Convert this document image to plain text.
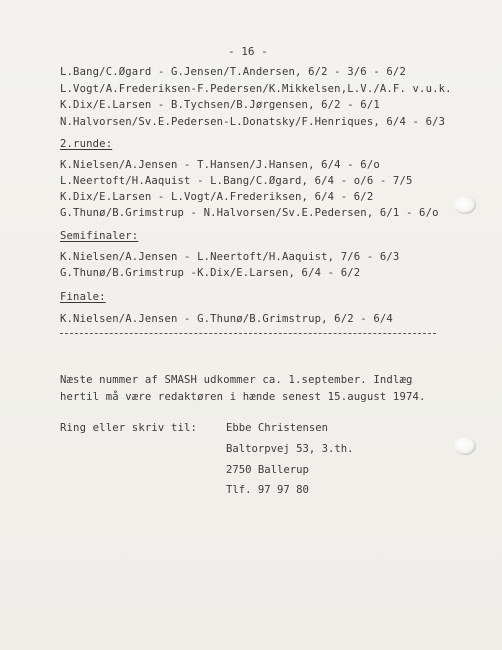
- 16 -
L.Bang/C.Øgard - G.Jensen/T.Andersen, 6/2 - 3/6 - 6/2
L.Vogt/A.Frederiksen-F.Pedersen/K.Mikkelsen,L.V./A.F. v.u.k.
K.Dix/E.Larsen - B.Tychsen/B.Jørgensen, 6/2 - 6/1
N.Halvorsen/Sv.E.Pedersen-L.Donatsky/F.Henriques, 6/4 - 6/3
2.runde:
K.Nielsen/A.Jensen - T.Hansen/J.Hansen, 6/4 - 6/o
L.Neertoft/H.Aaquist - L.Bang/C.Øgard, 6/4 - o/6 - 7/5
K.Dix/E.Larsen - L.Vogt/A.Frederiksen, 6/4 - 6/2
G.Thunø/B.Grimstrup - N.Halvorsen/Sv.E.Pedersen, 6/1 - 6/o
Semifinaler:
K.Nielsen/A.Jensen - L.Neertoft/H.Aaquist, 7/6 - 6/3
G.Thunø/B.Grimstrup -K.Dix/E.Larsen, 6/4 - 6/2
Finale:
K.Nielsen/A.Jensen - G.Thunø/B.Grimstrup, 6/2 - 6/4
Næste nummer af SMASH udkommer ca. 1.september. Indlæg
hertil må være redaktøren i hænde senest 15.august 1974.
Ring eller skriv til:	Ebbe Christensen
Baltorpvej 53, 3.th.
2750 Ballerup
Tlf. 97 97 80
